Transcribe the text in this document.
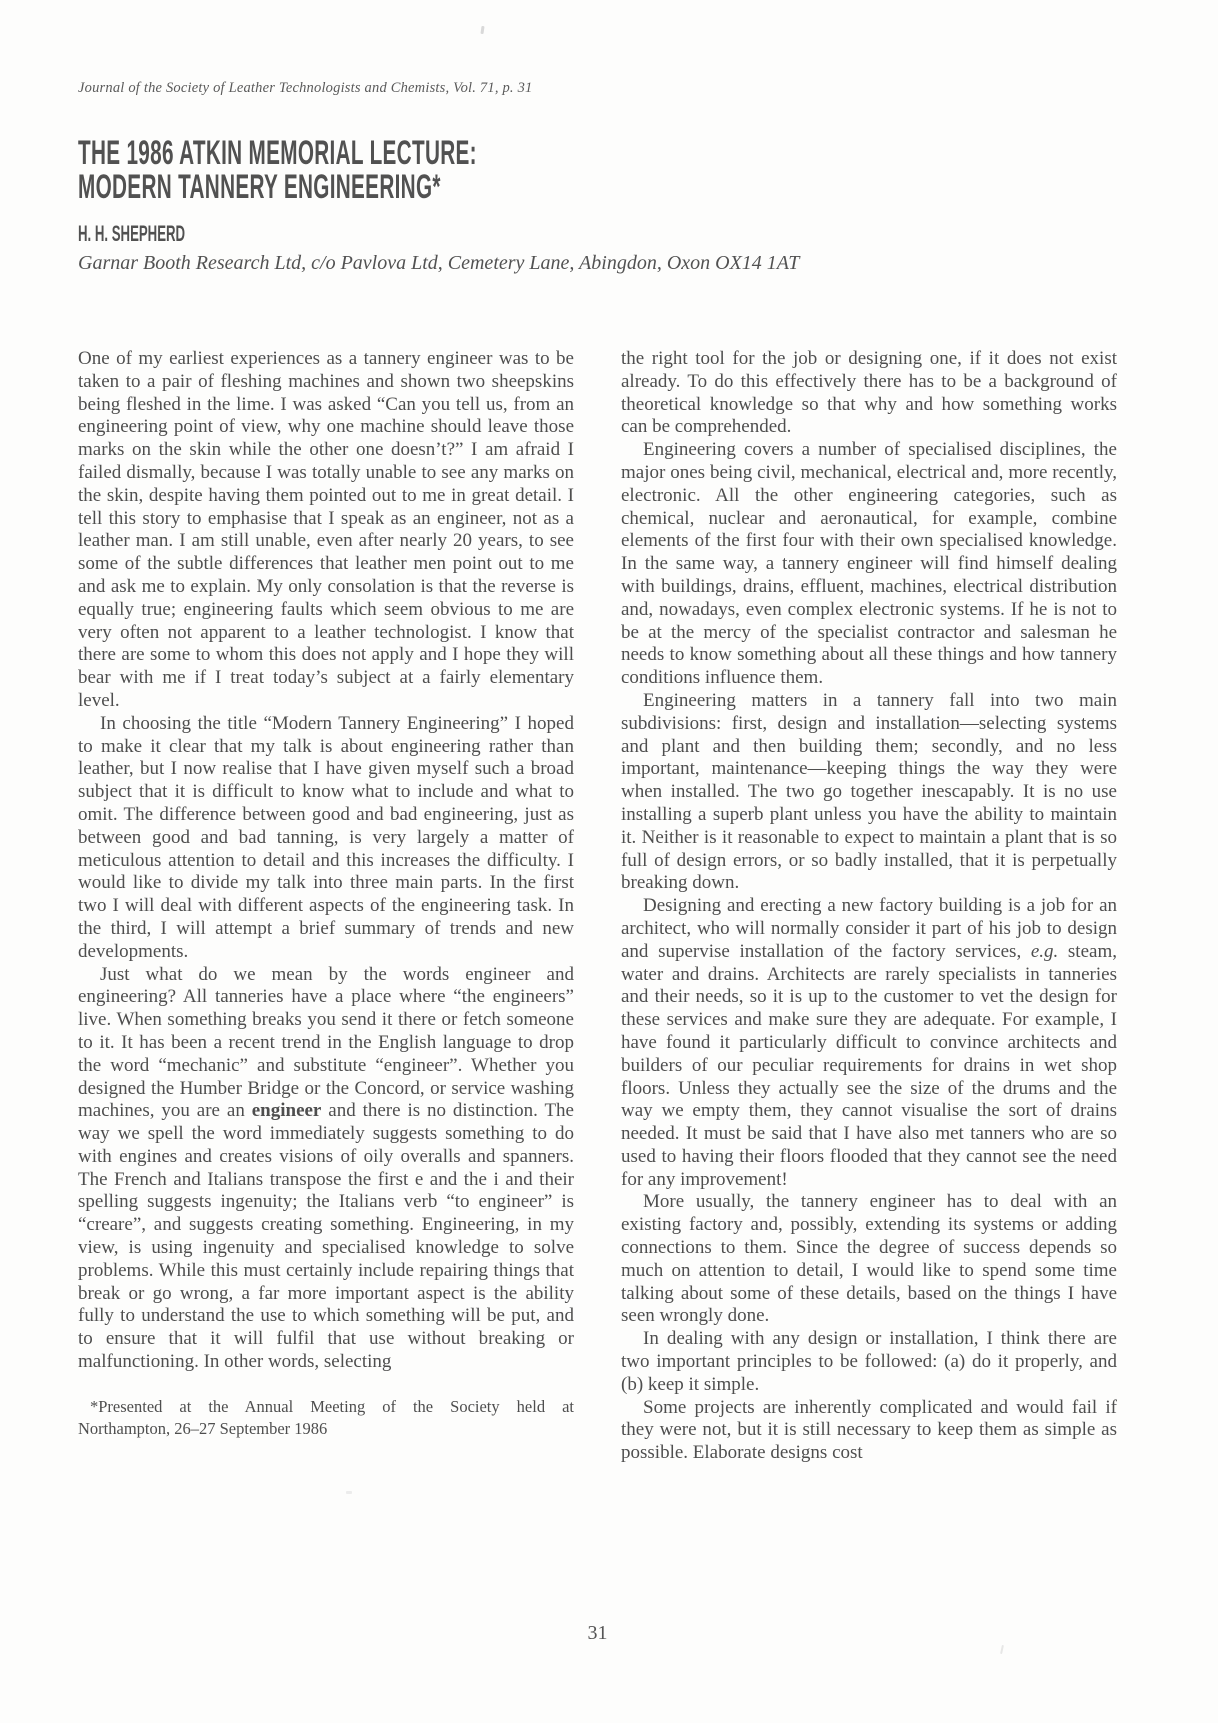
Journal of the Society of Leather Technologists and Chemists, Vol. 71, p. 31
THE 1986 ATKIN MEMORIAL LECTURE:
MODERN TANNERY ENGINEERING*
H. H. SHEPHERD
Garnar Booth Research Ltd, c/o Pavlova Ltd, Cemetery Lane, Abingdon, Oxon OX14 1AT

One of my earliest experiences as a tannery engineer was to be taken to a pair of fleshing machines and shown two sheepskins being fleshed in the lime. I was asked “Can you tell us, from an engineering point of view, why one machine should leave those marks on the skin while the other one doesn’t?” I am afraid I failed dismally, because I was totally unable to see any marks on the skin, despite having them pointed out to me in great detail. I tell this story to emphasise that I speak as an engineer, not as a leather man. I am still unable, even after nearly 20 years, to see some of the subtle differences that leather men point out to me and ask me to explain. My only consolation is that the reverse is equally true; engineering faults which seem obvious to me are very often not apparent to a leather technologist. I know that there are some to whom this does not apply and I hope they will bear with me if I treat today’s subject at a fairly elementary level.

In choosing the title “Modern Tannery Engineering” I hoped to make it clear that my talk is about engineering rather than leather, but I now realise that I have given myself such a broad subject that it is difficult to know what to include and what to omit. The difference between good and bad engineering, just as between good and bad tanning, is very largely a matter of meticulous attention to detail and this increases the difficulty. I would like to divide my talk into three main parts. In the first two I will deal with different aspects of the engineering task. In the third, I will attempt a brief summary of trends and new developments.

Just what do we mean by the words engineer and engineering? All tanneries have a place where “the engineers” live. When something breaks you send it there or fetch someone to it. It has been a recent trend in the English language to drop the word “mechanic” and substitute “engineer”. Whether you designed the Humber Bridge or the Concord, or service washing machines, you are an engineer and there is no distinction. The way we spell the word immediately suggests something to do with engines and creates visions of oily overalls and spanners. The French and Italians transpose the first e and the i and their spelling suggests ingenuity; the Italians verb “to engineer” is “creare”, and suggests creating something. Engineering, in my view, is using ingenuity and specialised knowledge to solve problems. While this must certainly include repairing things that break or go wrong, a far more important aspect is the ability fully to understand the use to which something will be put, and to ensure that it will fulfil that use without breaking or malfunctioning. In other words, selecting

*Presented at the Annual Meeting of the Society held at
Northampton, 26–27 September 1986

the right tool for the job or designing one, if it does not exist already. To do this effectively there has to be a background of theoretical knowledge so that why and how something works can be comprehended.

Engineering covers a number of specialised disciplines, the major ones being civil, mechanical, electrical and, more recently, electronic. All the other engineering categories, such as chemical, nuclear and aeronautical, for example, combine elements of the first four with their own specialised knowledge. In the same way, a tannery engineer will find himself dealing with buildings, drains, effluent, machines, electrical distribution and, nowadays, even complex electronic systems. If he is not to be at the mercy of the specialist contractor and salesman he needs to know something about all these things and how tannery conditions influence them.

Engineering matters in a tannery fall into two main subdivisions: first, design and installation—selecting systems and plant and then building them; secondly, and no less important, maintenance—keeping things the way they were when installed. The two go together inescapably. It is no use installing a superb plant unless you have the ability to maintain it. Neither is it reasonable to expect to maintain a plant that is so full of design errors, or so badly installed, that it is perpetually breaking down.

Designing and erecting a new factory building is a job for an architect, who will normally consider it part of his job to design and supervise installation of the factory services, e.g. steam, water and drains. Architects are rarely specialists in tanneries and their needs, so it is up to the customer to vet the design for these services and make sure they are adequate. For example, I have found it particularly difficult to convince architects and builders of our peculiar requirements for drains in wet shop floors. Unless they actually see the size of the drums and the way we empty them, they cannot visualise the sort of drains needed. It must be said that I have also met tanners who are so used to having their floors flooded that they cannot see the need for any improvement!

More usually, the tannery engineer has to deal with an existing factory and, possibly, extending its systems or adding connections to them. Since the degree of success depends so much on attention to detail, I would like to spend some time talking about some of these details, based on the things I have seen wrongly done.

In dealing with any design or installation, I think there are two important principles to be followed: (a) do it properly, and (b) keep it simple.

Some projects are inherently complicated and would fail if they were not, but it is still necessary to keep them as simple as possible. Elaborate designs cost

31
